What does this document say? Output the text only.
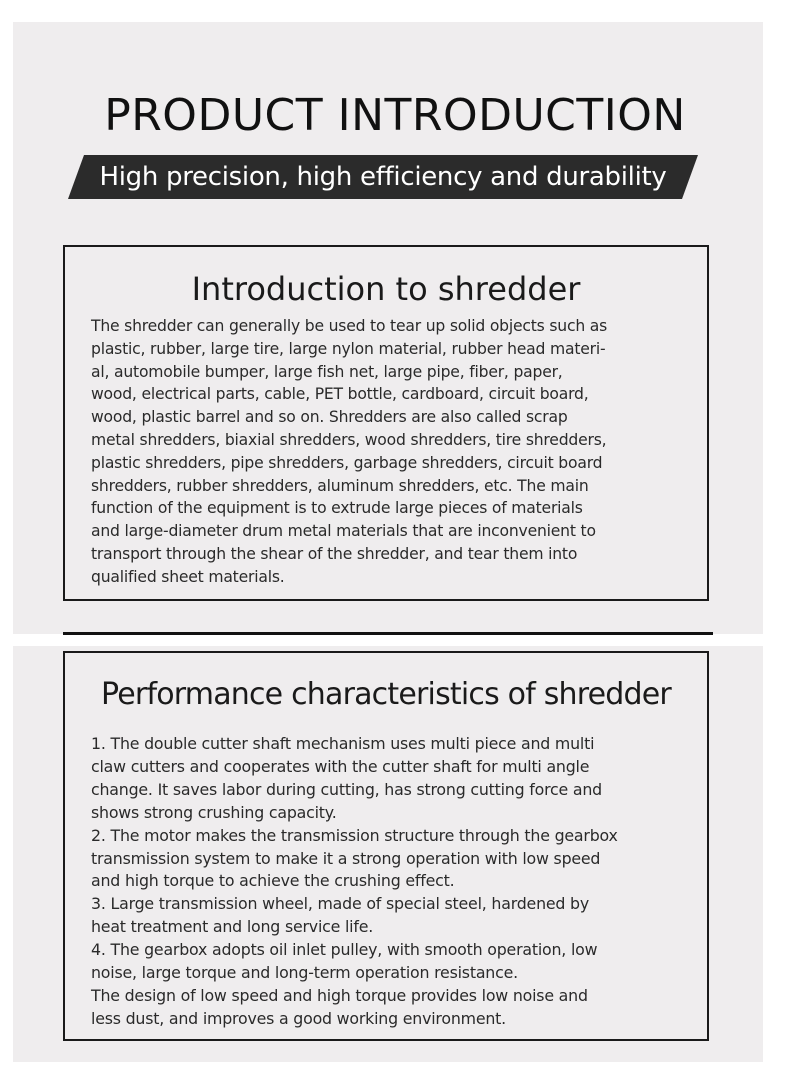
PRODUCT INTRODUCTION
High precision, high efficiency and durability
Introduction to shredder
The shredder can generally be used to tear up solid objects such as
plastic, rubber, large tire, large nylon material, rubber head materi-
al, automobile bumper, large fish net, large pipe, fiber, paper,
wood, electrical parts, cable, PET bottle, cardboard, circuit board,
wood, plastic barrel and so on. Shredders are also called scrap
metal shredders, biaxial shredders, wood shredders, tire shredders,
plastic shredders, pipe shredders, garbage shredders, circuit board
shredders, rubber shredders, aluminum shredders, etc. The main
function of the equipment is to extrude large pieces of materials
and large-diameter drum metal materials that are inconvenient to
transport through the shear of the shredder, and tear them into
qualified sheet materials.
Performance characteristics of shredder
1. The double cutter shaft mechanism uses multi piece and multi
claw cutters and cooperates with the cutter shaft for multi angle
change. It saves labor during cutting, has strong cutting force and
shows strong crushing capacity.
2. The motor makes the transmission structure through the gearbox
transmission system to make it a strong operation with low speed
and high torque to achieve the crushing effect.
3. Large transmission wheel, made of special steel, hardened by
heat treatment and long service life.
4. The gearbox adopts oil inlet pulley, with smooth operation, low
noise, large torque and long-term operation resistance.
The design of low speed and high torque provides low noise and
less dust, and improves a good working environment.
